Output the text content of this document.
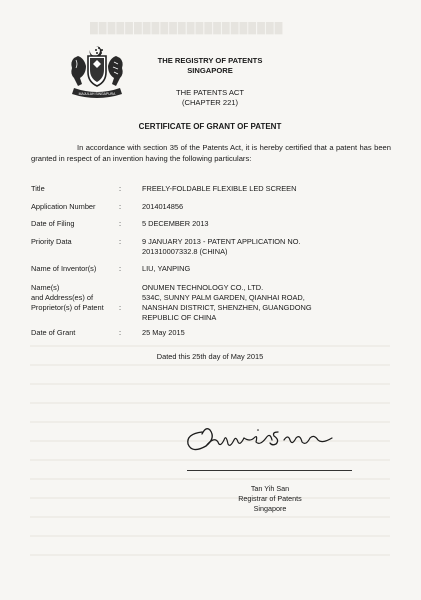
██████████████████████
MAJULAH SINGAPURA
THE REGISTRY OF PATENTS
SINGAPORE
THE PATENTS ACT
(CHAPTER 221)
CERTIFICATE OF GRANT OF PATENT
In accordance with section 35 of the Patents Act, it is hereby certified that a patent has been granted in respect of an invention having the following particulars:
Title	:	FREELY-FOLDABLE FLEXIBLE LED SCREEN
Application Number	:	2014014856
Date of Filing	:	5 DECEMBER 2013
Priority Data	:	9 JANUARY 2013 - PATENT APPLICATION NO.
201310007332.8 (CHINA)
Name of Inventor(s)	:	LIU, YANPING
Name(s)
and Address(es) of
Proprietor(s) of Patent	:
ONUMEN TECHNOLOGY CO., LTD.
534C, SUNNY PALM GARDEN, QIANHAI ROAD,
NANSHAN DISTRICT, SHENZHEN, GUANGDONG
REPUBLIC OF CHINA
Date of Grant	:	25 May 2015
Dated this 25th day of May 2015
Tan Yih San
Registrar of Patents
Singapore
